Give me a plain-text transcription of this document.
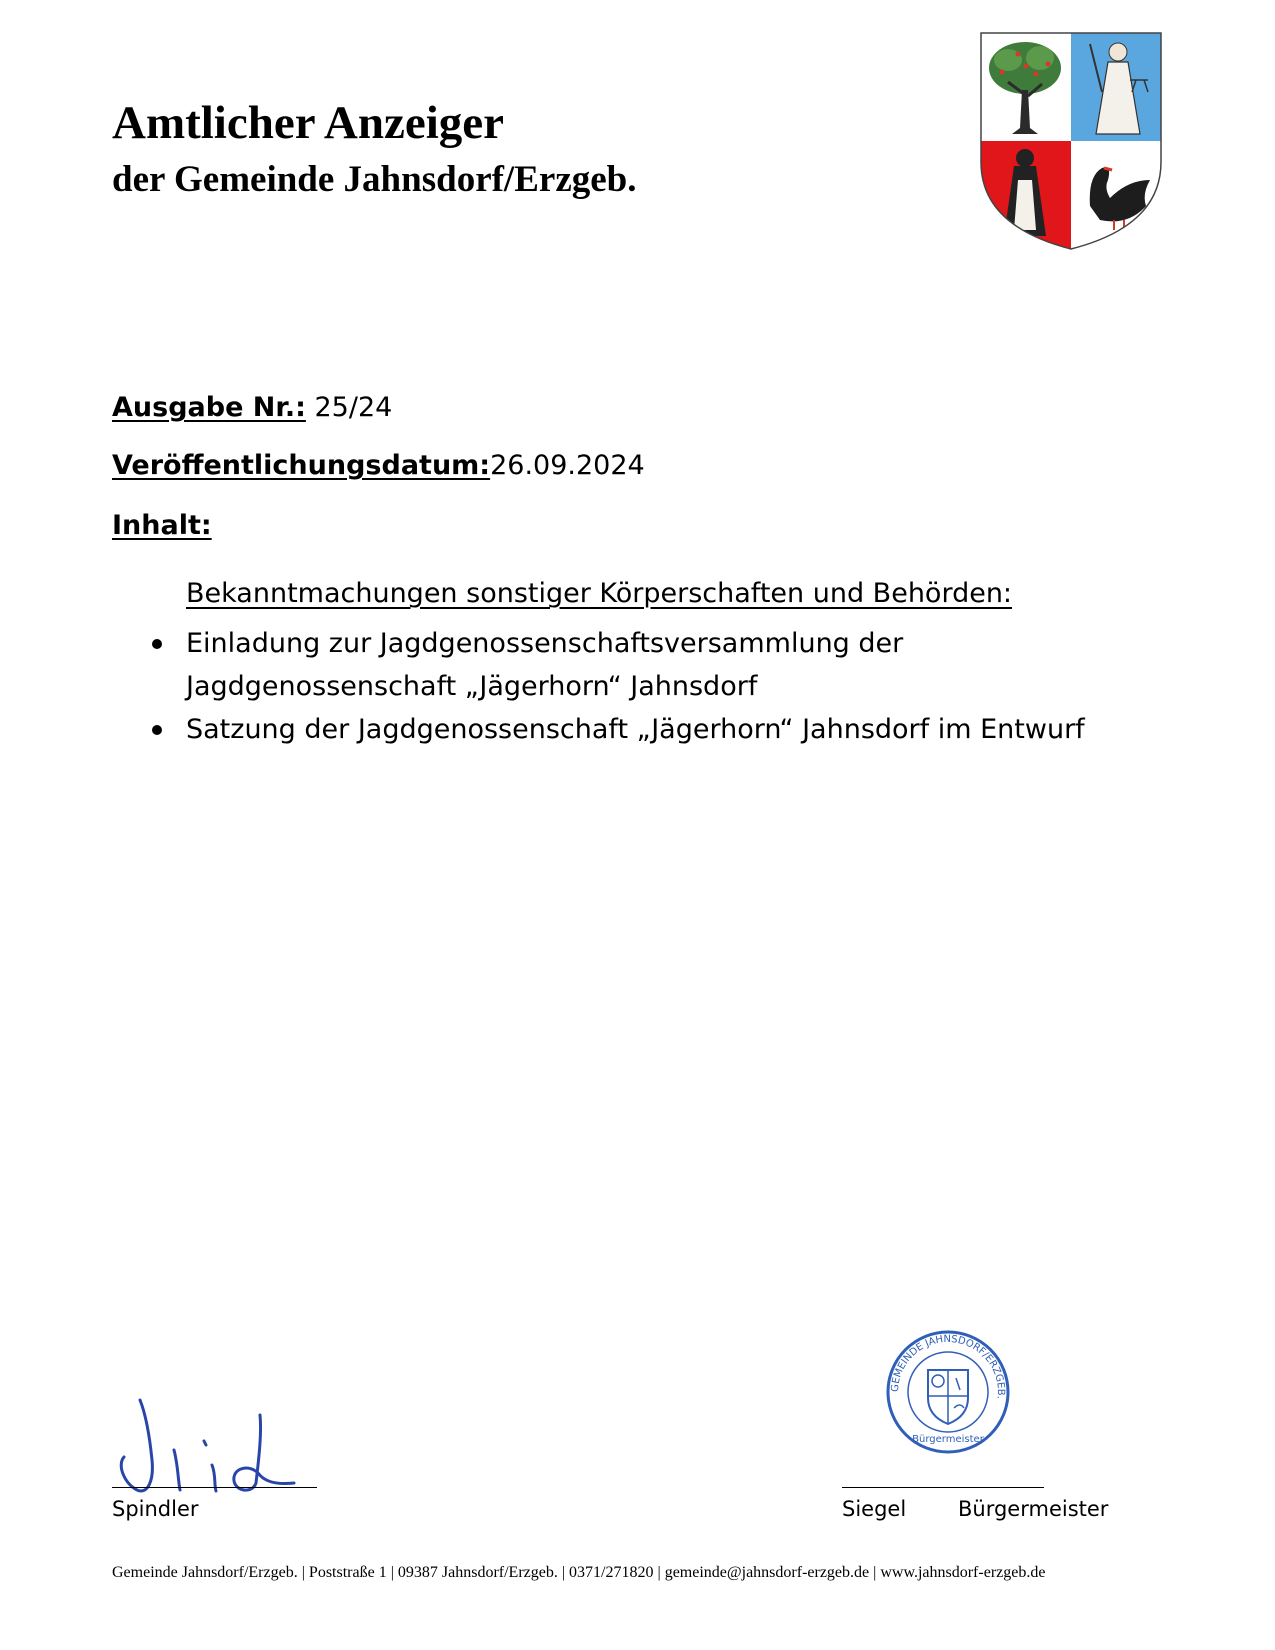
Amtlicher Anzeiger
der Gemeinde Jahnsdorf/Erzgeb.
Ausgabe Nr.: 25/24
Veröffentlichungsdatum:26.09.2024
Inhalt:
Bekanntmachungen sonstiger Körperschaften und Behörden:
Einladung zur Jagdgenossenschaftsversammlung der Jagdgenossenschaft „Jägerhorn“ Jahnsdorf
Satzung der Jagdgenossenschaft „Jägerhorn“ Jahnsdorf im Entwurf
Spindler
GEMEINDE JAHNSDORF/ERZGEB.
Bürgermeister
Siegel Bürgermeister
Gemeinde Jahnsdorf/Erzgeb. | Poststraße 1 | 09387 Jahnsdorf/Erzgeb. | 0371/271820 | gemeinde@jahnsdorf-erzgeb.de | www.jahnsdorf-erzgeb.de
